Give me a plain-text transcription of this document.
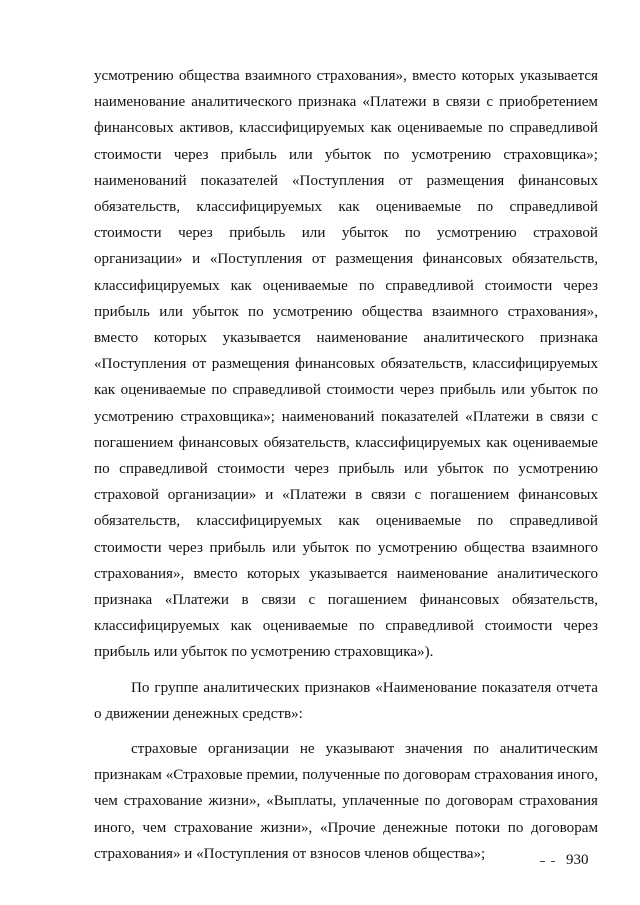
усмотрению общества взаимного страхования», вместо которых указывается наименование аналитического признака «Платежи в связи с приобретением финансовых активов, классифицируемых как оцениваемые по справедливой стоимости через прибыль или убыток по усмотрению страховщика»; наименований показателей «Поступления от размещения финансовых обязательств, классифицируемых как оцениваемые по справедливой стоимости через прибыль или убыток по усмотрению страховой организации» и «Поступления от размещения финансовых обязательств, классифицируемых как оцениваемые по справедливой стоимости через прибыль или убыток по усмотрению общества взаимного страхования», вместо которых указывается наименование аналитического признака «Поступления от размещения финансовых обязательств, классифицируемых как оцениваемые по справедливой стоимости через прибыль или убыток по усмотрению страховщика»; наименований показателей «Платежи в связи с погашением финансовых обязательств, классифицируемых как оцениваемые по справедливой стоимости через прибыль или убыток по усмотрению страховой организации» и «Платежи в связи с погашением финансовых обязательств, классифицируемых как оцениваемые по справедливой стоимости через прибыль или убыток по усмотрению общества взаимного страхования», вместо которых указывается наименование аналитического признака «Платежи в связи с погашением финансовых обязательств, классифицируемых как оцениваемые по справедливой стоимости через прибыль или убыток по усмотрению страховщика»).

По группе аналитических признаков «Наименование показателя отчета о движении денежных средств»:

страховые организации не указывают значения по аналитическим признакам «Страховые премии, полученные по договорам страхования иного, чем страхование жизни», «Выплаты, уплаченные по договорам страхования иного, чем страхование жизни», «Прочие денежные потоки по договорам страхования» и «Поступления от взносов членов общества»;	930
